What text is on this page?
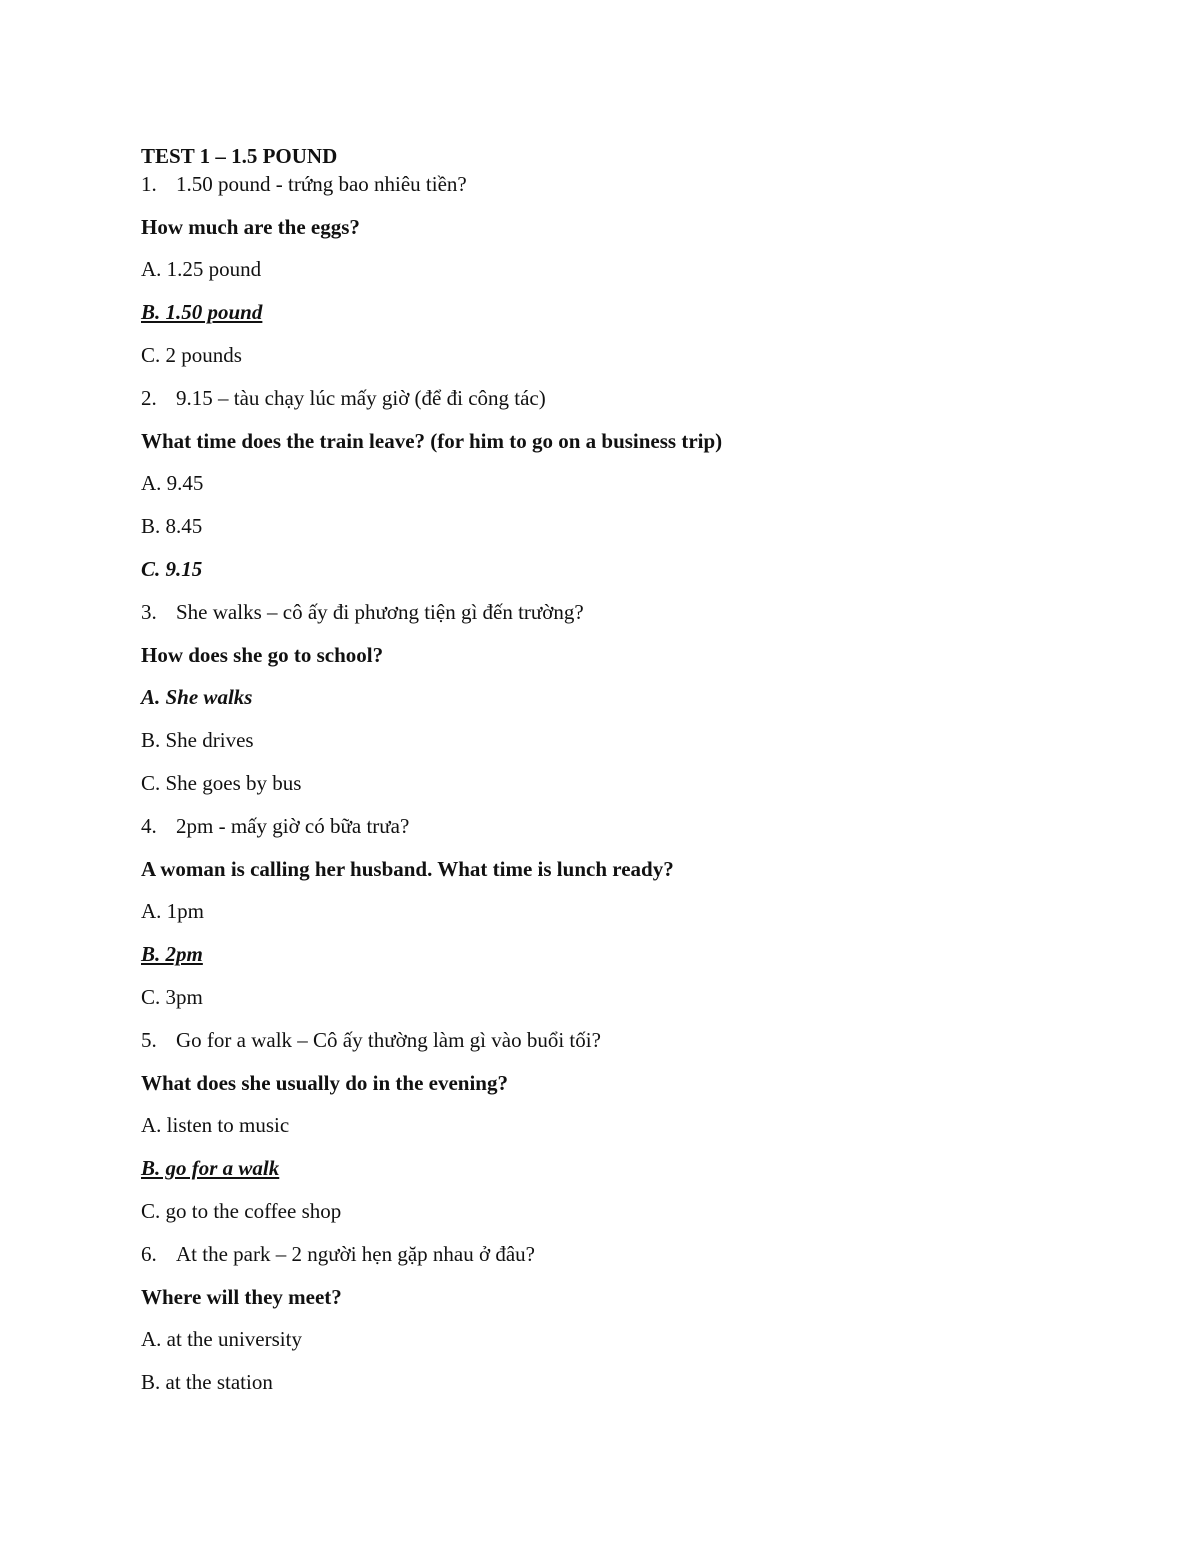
TEST 1 – 1.5 POUND
1. 1.50 pound - trứng bao nhiêu tiền?
How much are the eggs?
A. 1.25 pound
B. 1.50 pound
C. 2 pounds
2. 9.15 – tàu chạy lúc mấy giờ (để đi công tác)
What time does the train leave? (for him to go on a business trip)
A. 9.45
B. 8.45
C. 9.15
3. She walks – cô ấy đi phương tiện gì đến trường?
How does she go to school?
A. She walks
B. She drives
C. She goes by bus
4. 2pm - mấy giờ có bữa trưa?
A woman is calling her husband. What time is lunch ready?
A. 1pm
B. 2pm
C. 3pm
5. Go for a walk – Cô ấy thường làm gì vào buổi tối?
What does she usually do in the evening?
A. listen to music
B. go for a walk
C. go to the coffee shop
6. At the park – 2 người hẹn gặp nhau ở đâu?
Where will they meet?
A. at the university
B. at the station
